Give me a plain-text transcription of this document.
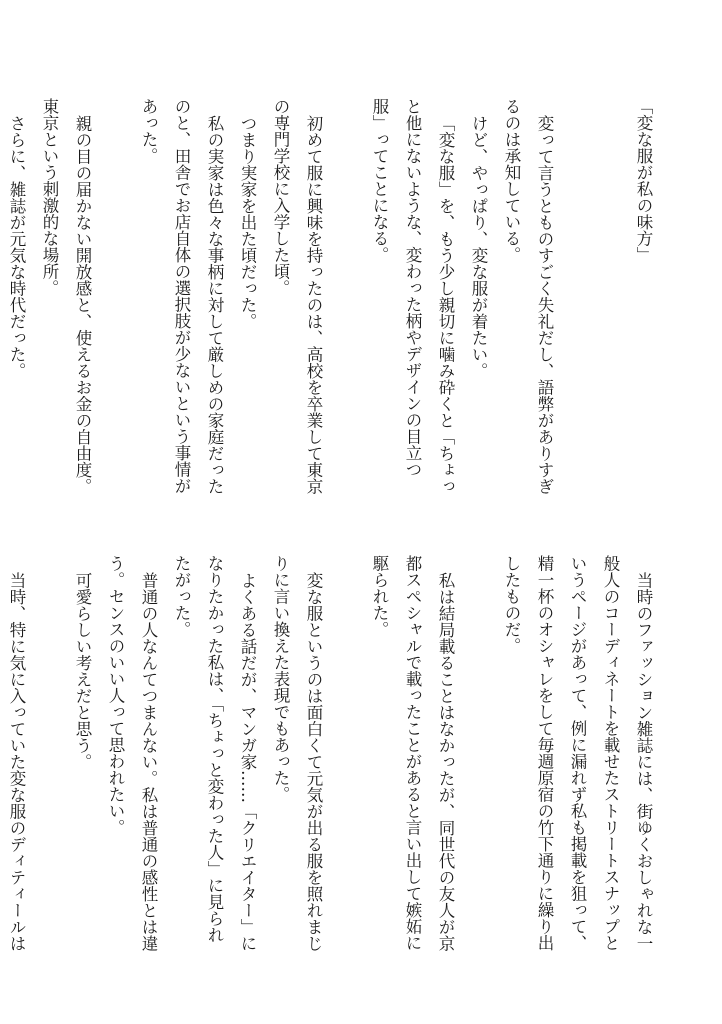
「変な服が私の味方」

変って言うとものすごく失礼だし、語弊がありすぎるのは承知している。

けど、やっぱり、変な服が着たい。

「変な服」を、もう少し親切に噛み砕くと「ちょっと他にないような、変わった柄やデザインの目立つ服」ってことになる。

初めて服に興味を持ったのは、高校を卒業して東京の専門学校に入学した頃。

つまり実家を出た頃だった。

私の実家は色々な事柄に対して厳しめの家庭だったのと、田舎でお店自体の選択肢が少ないという事情があった。

親の目の届かない開放感と、使えるお金の自由度。

東京という刺激的な場所。

さらに、雑誌が元気な時代だった。

当時のファッション雑誌には、街ゆくおしゃれな一般人のコーディネートを載せたストリートスナップというページがあって、例に漏れず私も掲載を狙って、精一杯のオシャレをして毎週原宿の竹下通りに繰り出したものだ。

私は結局載ることはなかったが、同世代の友人が京都スペシャルで載ったことがあると言い出して嫉妬に駆られた。

変な服というのは面白くて元気が出る服を照れまじりに言い換えた表現でもあった。

よくある話だが、マンガ家……「クリエイター」になりたかった私は、「ちょっと変わった人」に見られたがった。

普通の人なんてつまんない。私は普通の感性とは違う。センスのいい人って思われたい。

可愛らしい考えだと思う。

当時、特に気に入っていた変な服のディティールは
